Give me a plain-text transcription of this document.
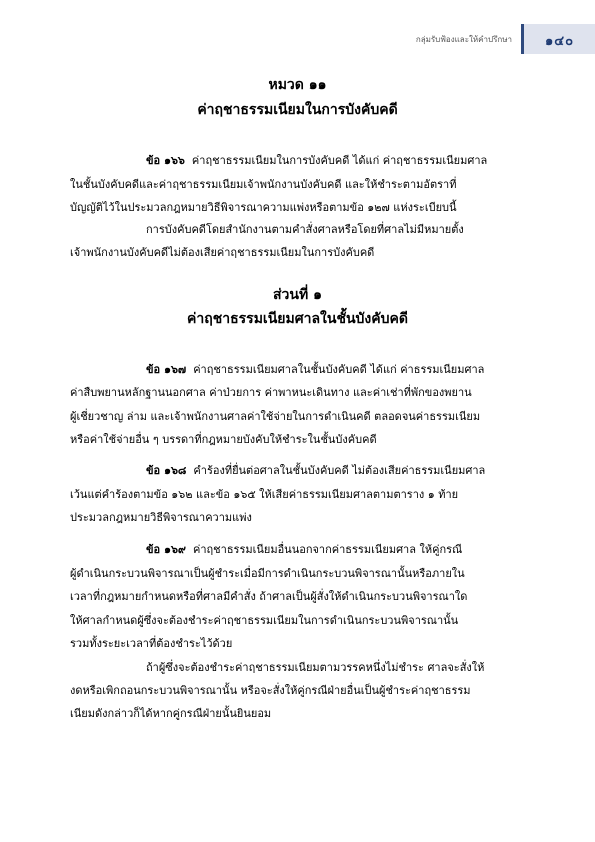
กลุ่มรับฟ้องและให้คำปรึกษา	๑๔๐
หมวด ๑๑
ค่าฤชาธรรมเนียมในการบังคับคดี
ข้อ ๑๖๖ ค่าฤชาธรรมเนียมในการบังคับคดี ได้แก่ ค่าฤชาธรรมเนียมศาล
ในชั้นบังคับคดีและค่าฤชาธรรมเนียมเจ้าพนักงานบังคับคดี และให้ชำระตามอัตราที่
บัญญัติไว้ในประมวลกฎหมายวิธีพิจารณาความแพ่งหรือตามข้อ ๑๒๗ แห่งระเบียบนี้
การบังคับคดีโดยสำนักงานตามคำสั่งศาลหรือโดยที่ศาลไม่มีหมายตั้ง
เจ้าพนักงานบังคับคดีไม่ต้องเสียค่าฤชาธรรมเนียมในการบังคับคดี
ส่วนที่ ๑
ค่าฤชาธรรมเนียมศาลในชั้นบังคับคดี
ข้อ ๑๖๗ ค่าฤชาธรรมเนียมศาลในชั้นบังคับคดี ได้แก่ ค่าธรรมเนียมศาล
ค่าสืบพยานหลักฐานนอกศาล ค่าป่วยการ ค่าพาหนะเดินทาง และค่าเช่าที่พักของพยาน
ผู้เชี่ยวชาญ ล่าม และเจ้าพนักงานศาลค่าใช้จ่ายในการดำเนินคดี ตลอดจนค่าธรรมเนียม
หรือค่าใช้จ่ายอื่น ๆ บรรดาที่กฎหมายบังคับให้ชำระในชั้นบังคับคดี
ข้อ ๑๖๘ คำร้องที่ยื่นต่อศาลในชั้นบังคับคดี ไม่ต้องเสียค่าธรรมเนียมศาล
เว้นแต่คำร้องตามข้อ ๑๖๒ และข้อ ๑๖๕ ให้เสียค่าธรรมเนียมศาลตามตาราง ๑ ท้าย
ประมวลกฎหมายวิธีพิจารณาความแพ่ง
ข้อ ๑๖๙ ค่าฤชาธรรมเนียมอื่นนอกจากค่าธรรมเนียมศาล ให้คู่กรณี
ผู้ดำเนินกระบวนพิจารณาเป็นผู้ชำระเมื่อมีการดำเนินกระบวนพิจารณานั้นหรือภายใน
เวลาที่กฎหมายกำหนดหรือที่ศาลมีคำสั่ง ถ้าศาลเป็นผู้สั่งให้ดำเนินกระบวนพิจารณาใด
ให้ศาลกำหนดผู้ซึ่งจะต้องชำระค่าฤชาธรรมเนียมในการดำเนินกระบวนพิจารณานั้น
รวมทั้งระยะเวลาที่ต้องชำระไว้ด้วย
ถ้าผู้ซึ่งจะต้องชำระค่าฤชาธรรมเนียมตามวรรคหนึ่งไม่ชำระ ศาลจะสั่งให้
งดหรือเพิกถอนกระบวนพิจารณานั้น หรือจะสั่งให้คู่กรณีฝ่ายอื่นเป็นผู้ชำระค่าฤชาธรรม
เนียมดังกล่าวก็ได้หากคู่กรณีฝ่ายนั้นยินยอม
